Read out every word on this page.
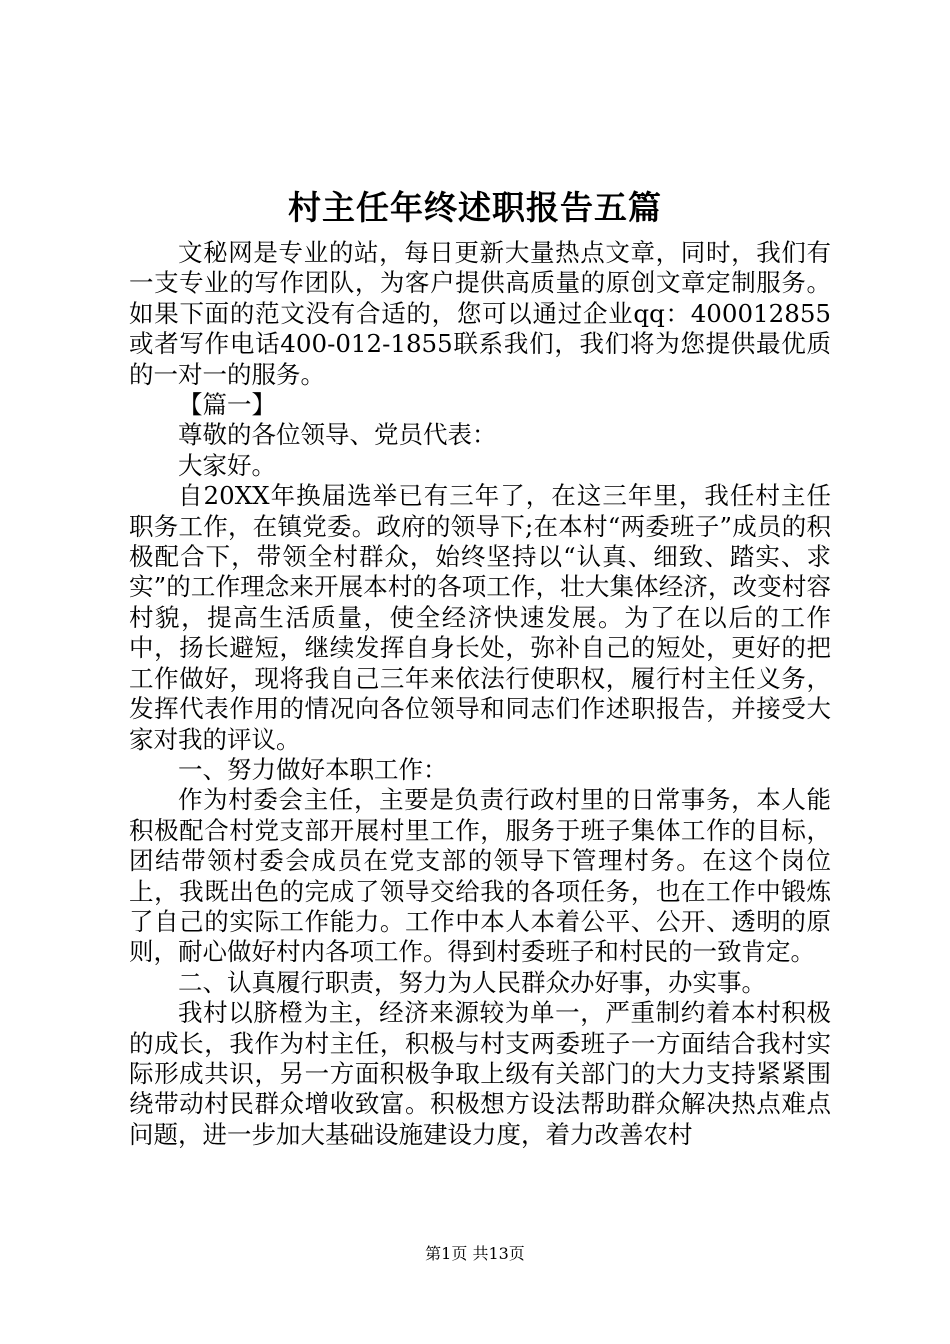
村主任年终述职报告五篇

文秘网是专业的站，每日更新大量热点文章，同时，我们有一支专业的写作团队，为客户提供高质量的原创文章定制服务。如果下面的范文没有合适的，您可以通过企业qq：400012855或者写作电话400-012-1855联系我们，我们将为您提供最优质的一对一的服务。

【篇一】

尊敬的各位领导、党员代表：

大家好。

自20XX年换届选举已有三年了，在这三年里，我任村主任职务工作，在镇党委。政府的领导下;在本村“两委班子”成员的积极配合下，带领全村群众，始终坚持以“认真、细致、踏实、求实”的工作理念来开展本村的各项工作，壮大集体经济，改变村容村貌，提高生活质量，使全经济快速发展。为了在以后的工作中，扬长避短，继续发挥自身长处，弥补自己的短处，更好的把工作做好，现将我自己三年来依法行使职权，履行村主任义务，发挥代表作用的情况向各位领导和同志们作述职报告，并接受大家对我的评议。

一、努力做好本职工作：

作为村委会主任，主要是负责行政村里的日常事务，本人能积极配合村党支部开展村里工作，服务于班子集体工作的目标，团结带领村委会成员在党支部的领导下管理村务。在这个岗位上，我既出色的完成了领导交给我的各项任务，也在工作中锻炼了自己的实际工作能力。工作中本人本着公平、公开、透明的原则，耐心做好村内各项工作。得到村委班子和村民的一致肯定。

二、认真履行职责，努力为人民群众办好事，办实事。

我村以脐橙为主，经济来源较为单一，严重制约着本村积极的成长，我作为村主任，积极与村支两委班子一方面结合我村实际形成共识，另一方面积极争取上级有关部门的大力支持紧紧围绕带动村民群众增收致富。积极想方设法帮助群众解决热点难点问题，进一步加大基础设施建设力度，着力改善农村

第1页 共13页
